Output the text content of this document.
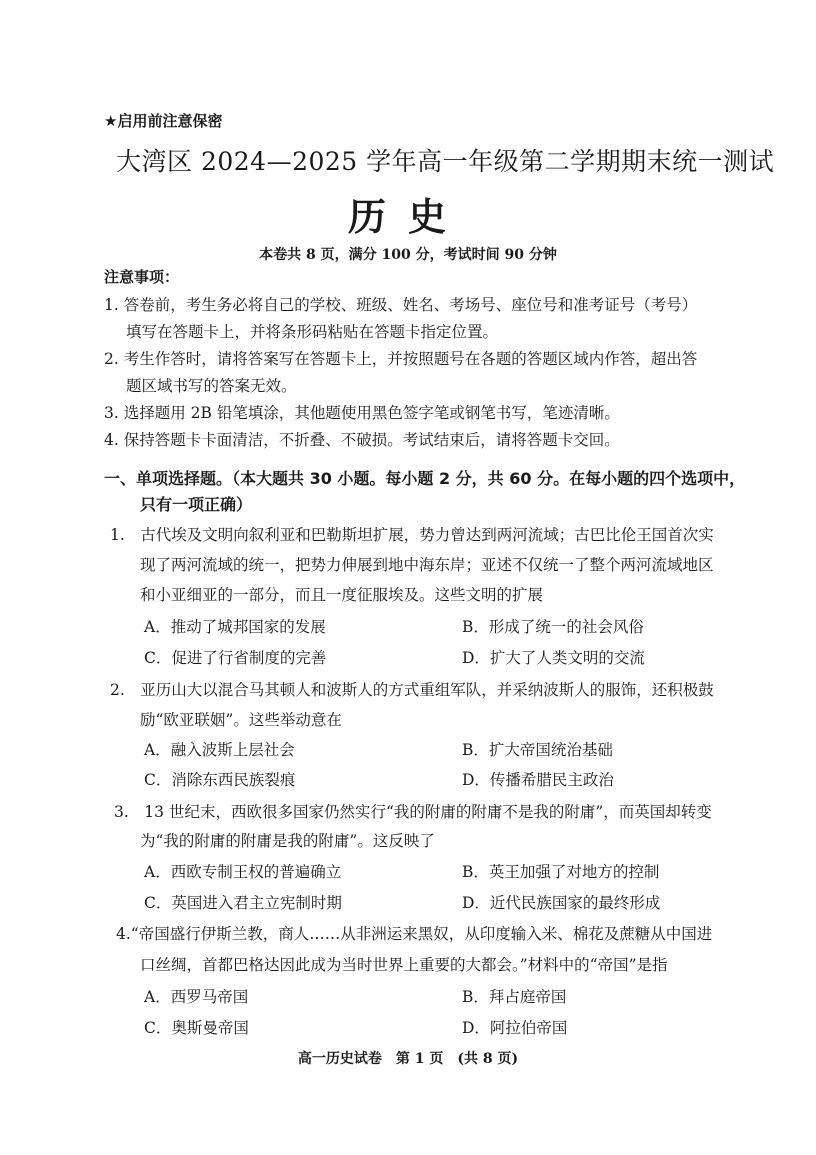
★启用前注意保密
大湾区 2024—2025 学年高一年级第二学期期末统一测试
历史
本卷共 8 页，满分 100 分，考试时间 90 分钟
注意事项：
1. 答卷前，考生务必将自己的学校、班级、姓名、考场号、座位号和准考证号（考号）
填写在答题卡上，并将条形码粘贴在答题卡指定位置。
2. 考生作答时，请将答案写在答题卡上，并按照题号在各题的答题区域内作答，超出答
题区域书写的答案无效。
3. 选择题用 2B 铅笔填涂，其他题使用黑色签字笔或钢笔书写，笔迹清晰。
4. 保持答题卡卡面清洁，不折叠、不破损。考试结束后，请将答题卡交回。
一、单项选择题。（本大题共 30 小题。每小题 2 分，共 60 分。在每小题的四个选项中，
只有一项正确）
1.　古代埃及文明向叙利亚和巴勒斯坦扩展，势力曾达到两河流域；古巴比伦王国首次实
现了两河流域的统一，把势力伸展到地中海东岸；亚述不仅统一了整个两河流域地区
和小亚细亚的一部分，而且一度征服埃及。这些文明的扩展
A．推动了城邦国家的发展	B．形成了统一的社会风俗
C．促进了行省制度的完善	D．扩大了人类文明的交流
2.　亚历山大以混合马其顿人和波斯人的方式重组军队，并采纳波斯人的服饰，还积极鼓
励“欧亚联姻”。这些举动意在
A．融入波斯上层社会	B．扩大帝国统治基础
C．消除东西民族裂痕	D．传播希腊民主政治
3.　13 世纪末，西欧很多国家仍然实行“我的附庸的附庸不是我的附庸”，而英国却转变
为“我的附庸的附庸是我的附庸”。这反映了
A．西欧专制王权的普遍确立	B．英王加强了对地方的控制
C．英国进入君主立宪制时期	D．近代民族国家的最终形成
4.“帝国盛行伊斯兰教，商人……从非洲运来黑奴，从印度输入米、棉花及蔗糖从中国进
口丝绸，首都巴格达因此成为当时世界上重要的大都会。”材料中的“帝国”是指
A．西罗马帝国	B．拜占庭帝国
C．奥斯曼帝国	D．阿拉伯帝国
高一历史试卷　第 1 页　(共 8 页)
